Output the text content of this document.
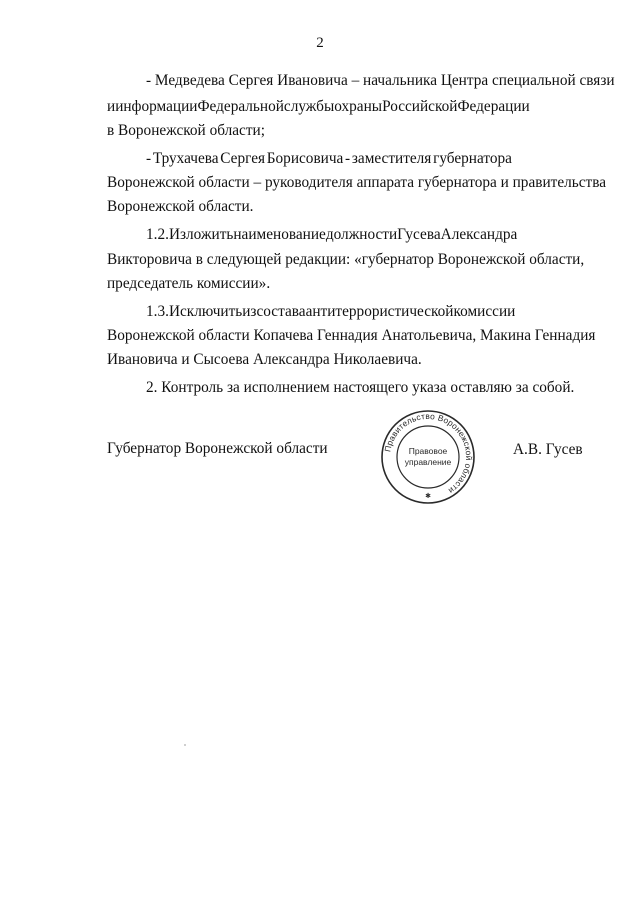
2
- Медведева Сергея Ивановича – начальника Центра специальной связи
и информации Федеральной службы охраны Российской Федерации
в Воронежской области;
- Трухачева Сергея Борисовича - заместителя губернатора
Воронежской области – руководителя аппарата губернатора и правительства
Воронежской области.
1.2. Изложить наименование должности Гусева Александра
Викторовича в следующей редакции: «губернатор Воронежской области,
председатель комиссии».
1.3. Исключить из состава антитеррористической комиссии
Воронежской области Копачева Геннадия Анатольевича, Макина Геннадия
Ивановича и Сысоева Александра Николаевича.
2. Контроль за исполнением настоящего указа оставляю за собой.
Губернатор Воронежской области	А.В. Гусев
Правительство Воронежской области
Правовое
управление
✱
